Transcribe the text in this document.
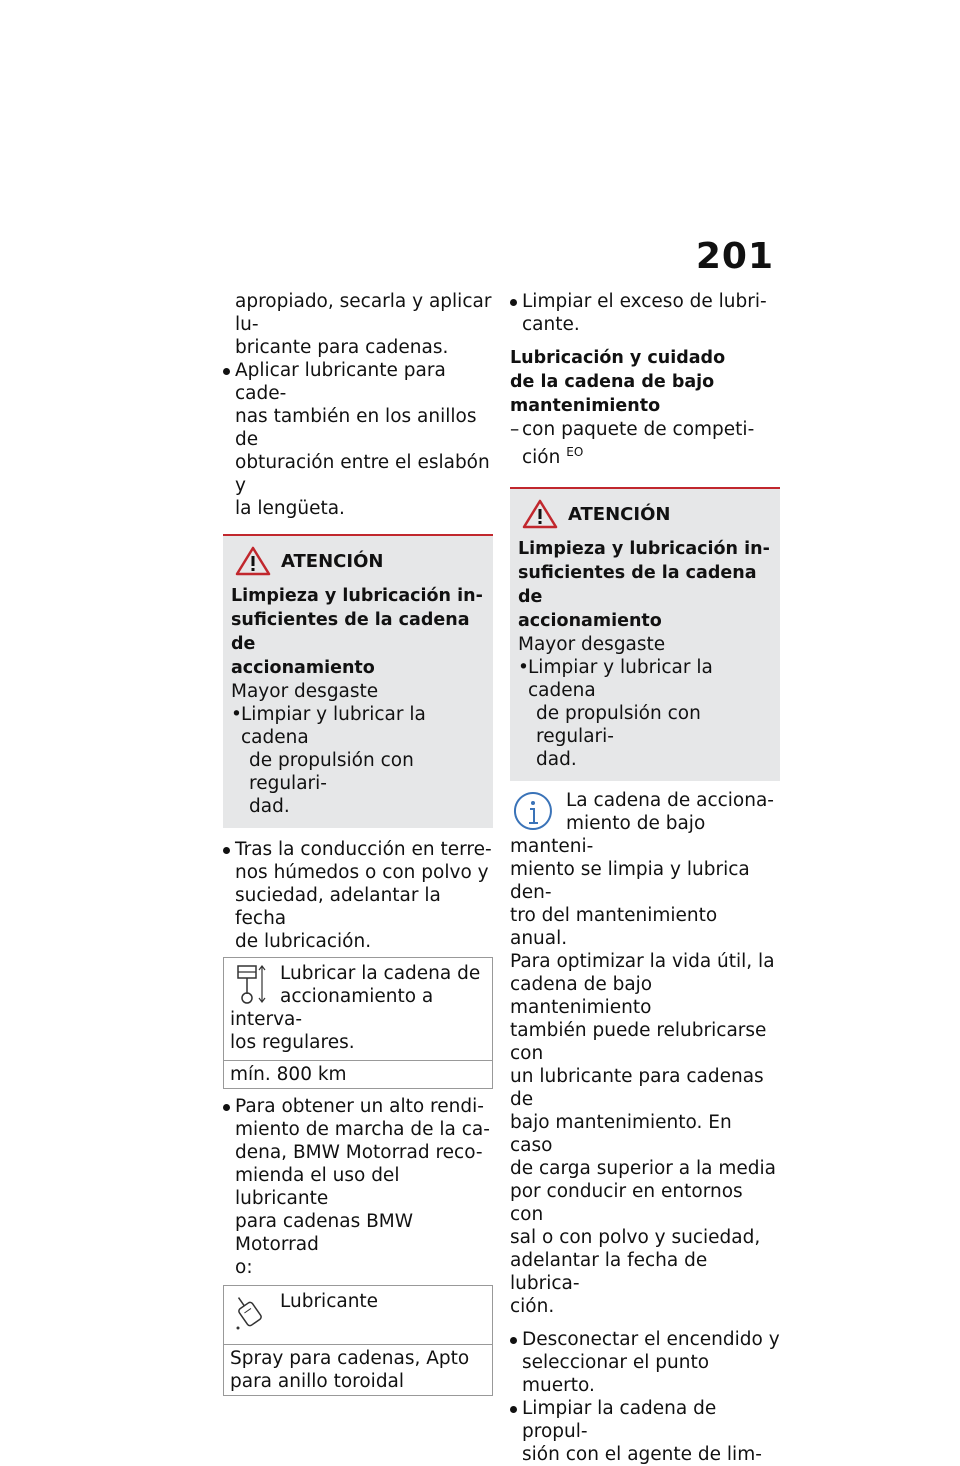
201
apropiado, secarla y aplicar lu-
bricante para cadenas.
Aplicar lubricante para cade-
nas también en los anillos de
obturación entre el eslabón y
la lengüeta.
ATENCIÓN
Limpieza y lubricación in-
suficientes de la cadena de
accionamiento
Mayor desgaste
• Limpiar y lubricar la cadena
de propulsión con regulari-
dad.
Tras la conducción en terre-
nos húmedos o con polvo y
suciedad, adelantar la fecha
de lubricación.
Lubricar la cadena de
accionamiento a interva-
los regulares.
mín. 800 km
Para obtener un alto rendi-
miento de marcha de la ca-
dena, BMW Motorrad reco-
mienda el uso del lubricante
para cadenas BMW Motorrad
o:
Lubricante
Spray para cadenas, Apto
para anillo toroidal
Limpiar el exceso de lubri-
cante.
Lubricación y cuidado
de la cadena de bajo
mantenimiento
– con paquete de competi-
ción $^{EO}$
ATENCIÓN
Limpieza y lubricación in-
suficientes de la cadena de
accionamiento
Mayor desgaste
• Limpiar y lubricar la cadena
de propulsión con regulari-
dad.
La cadena de acciona-
miento de bajo manteni-
miento se limpia y lubrica den-
tro del mantenimiento anual.
Para optimizar la vida útil, la
cadena de bajo mantenimiento
también puede relubricarse con
un lubricante para cadenas de
bajo mantenimiento. En caso
de carga superior a la media
por conducir en entornos con
sal o con polvo y suciedad,
adelantar la fecha de lubrica-
ción.
Desconectar el encendido y
seleccionar el punto muerto.
Limpiar la cadena de propul-
sión con el agente de lim-
